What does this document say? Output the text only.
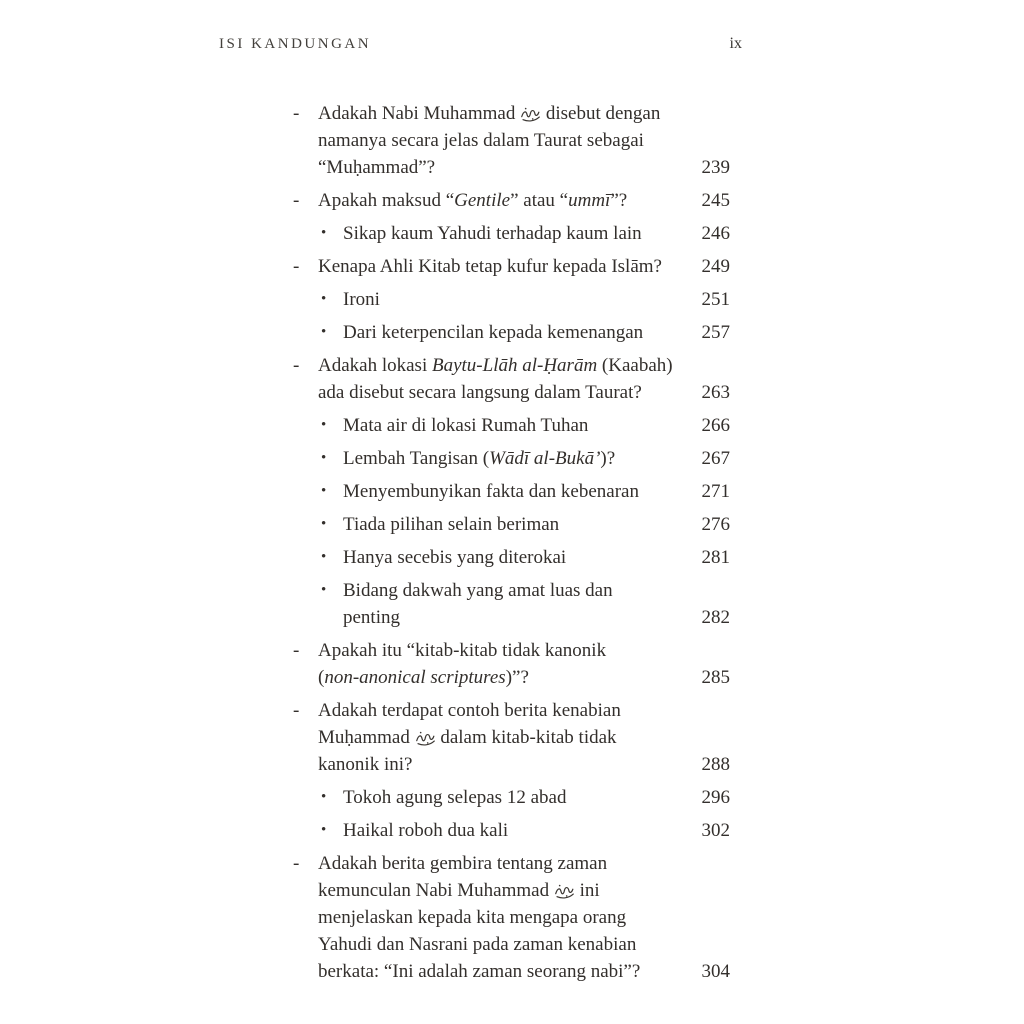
ISI KANDUNGAN	ix
- Adakah Nabi Muhammad
disebut dengan
namanya secara jelas dalam Taurat sebagai
“Muḥammad”?	239
- Apakah maksud “Gentile” atau “ummī”?	245
• Sikap kaum Yahudi terhadap kaum lain	246
- Kenapa Ahli Kitab tetap kufur kepada Islām?	249
• Ironi	251
• Dari keterpencilan kepada kemenangan	257
- Adakah lokasi Baytu-Llāh al-Ḥarām (Kaabah)
ada disebut secara langsung dalam Taurat?	263
• Mata air di lokasi Rumah Tuhan	266
• Lembah Tangisan (Wādī al-Bukā’)?	267
• Menyembunyikan fakta dan kebenaran	271
• Tiada pilihan selain beriman	276
• Hanya secebis yang diterokai	281
• Bidang dakwah yang amat luas dan
penting	282
- Apakah itu “kitab-kitab tidak kanonik
(non-anonical scriptures)”?	285
- Adakah terdapat contoh berita kenabian
Muḥammad
dalam kitab-kitab tidak
kanonik ini?	288
• Tokoh agung selepas 12 abad	296
• Haikal roboh dua kali	302
- Adakah berita gembira tentang zaman
kemunculan Nabi Muhammad
ini
menjelaskan kepada kita mengapa orang
Yahudi dan Nasrani pada zaman kenabian
berkata: “Ini adalah zaman seorang nabi”?	304
